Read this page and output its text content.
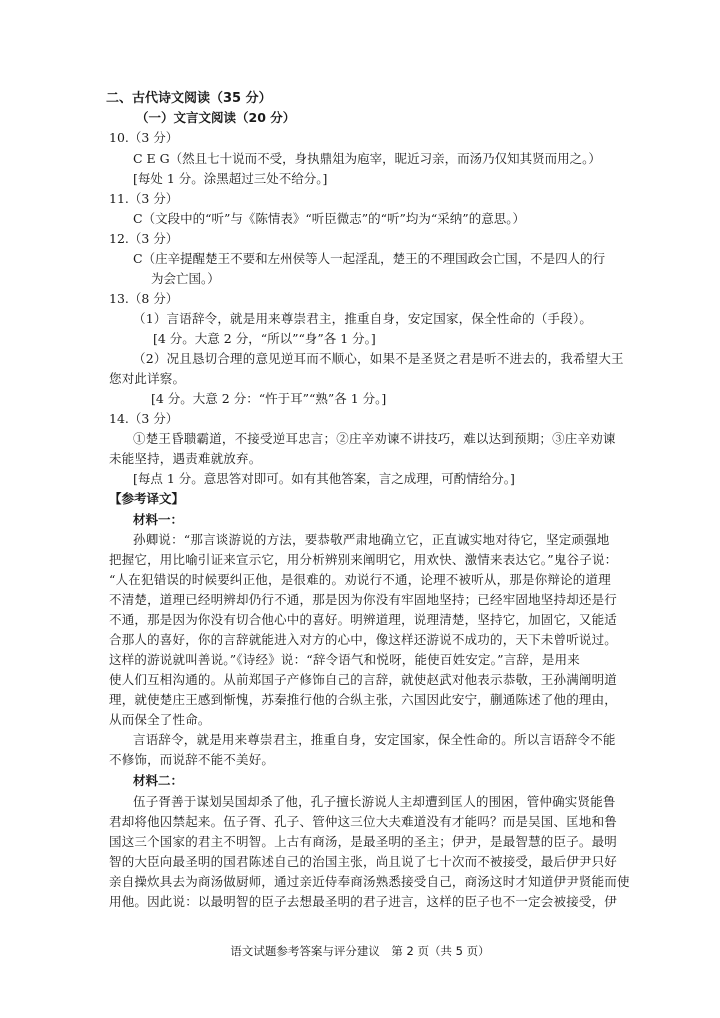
二、古代诗文阅读（35 分）
（一）文言文阅读（20 分）
10.（3 分）
C E G（然且七十说而不受，身执鼎俎为庖宰，昵近习亲，而汤乃仅知其贤而用之。）
[每处 1 分。涂黑超过三处不给分。]
11.（3 分）
C（文段中的“听”与《陈情表》“听臣微志”的“听”均为“采纳”的意思。）
12.（3 分）
C（庄辛提醒楚王不要和左州侯等人一起淫乱，楚王的不理国政会亡国，不是四人的行
为会亡国。）
13.（8 分）
（1）言语辞令，就是用来尊崇君主，推重自身，安定国家，保全性命的（手段）。
[4 分。大意 2 分，“所以”“身”各 1 分。]
（2）况且恳切合理的意见逆耳而不顺心，如果不是圣贤之君是听不进去的，我希望大王
您对此详察。
[4 分。大意 2 分：“忤于耳”“熟”各 1 分。]
14.（3 分）
①楚王昏聩霸道，不接受逆耳忠言；②庄辛劝谏不讲技巧，难以达到预期；③庄辛劝谏
未能坚持，遇责难就放弃。
[每点 1 分。意思答对即可。如有其他答案，言之成理，可酌情给分。]
【参考译文】
材料一：
孙卿说：“那言谈游说的方法，要恭敬严肃地确立它，正直诚实地对待它，坚定顽强地
把握它，用比喻引证来宣示它，用分析辨别来阐明它，用欢快、激情来表达它。”鬼谷子说：
“人在犯错误的时候要纠正他，是很难的。劝说行不通，论理不被听从，那是你辩论的道理
不清楚，道理已经明辨却仍行不通，那是因为你没有牢固地坚持；已经牢固地坚持却还是行
不通，那是因为你没有切合他心中的喜好。明辨道理，说理清楚，坚持它，加固它，又能适
合那人的喜好，你的言辞就能进入对方的心中，像这样还游说不成功的，天下未曾听说过。
这样的游说就叫善说。”《诗经》说：“辞令语气和悦呀，能使百姓安定。”言辞，是用来
使人们互相沟通的。从前郑国子产修饰自己的言辞，就使赵武对他表示恭敬，王孙满阐明道
理，就使楚庄王感到惭愧，苏秦推行他的合纵主张，六国因此安宁，蒯通陈述了他的理由，
从而保全了性命。
言语辞令，就是用来尊崇君主，推重自身，安定国家，保全性命的。所以言语辞令不能
不修饰，而说辞不能不美好。
材料二：
伍子胥善于谋划吴国却杀了他，孔子擅长游说人主却遭到匡人的围困，管仲确实贤能鲁
君却将他囚禁起来。伍子胥、孔子、管仲这三位大夫难道没有才能吗？而是吴国、匡地和鲁
国这三个国家的君主不明智。上古有商汤，是最圣明的圣主；伊尹，是最智慧的臣子。最明
智的大臣向最圣明的国君陈述自己的治国主张，尚且说了七十次而不被接受，最后伊尹只好
亲自操炊具去为商汤做厨师，通过亲近侍奉商汤熟悉接受自己，商汤这时才知道伊尹贤能而使
用他。因此说：以最明智的臣子去想最圣明的君子进言，这样的臣子也不一定会被接受，伊
语文试题参考答案与评分建议　第 2 页（共 5 页）
